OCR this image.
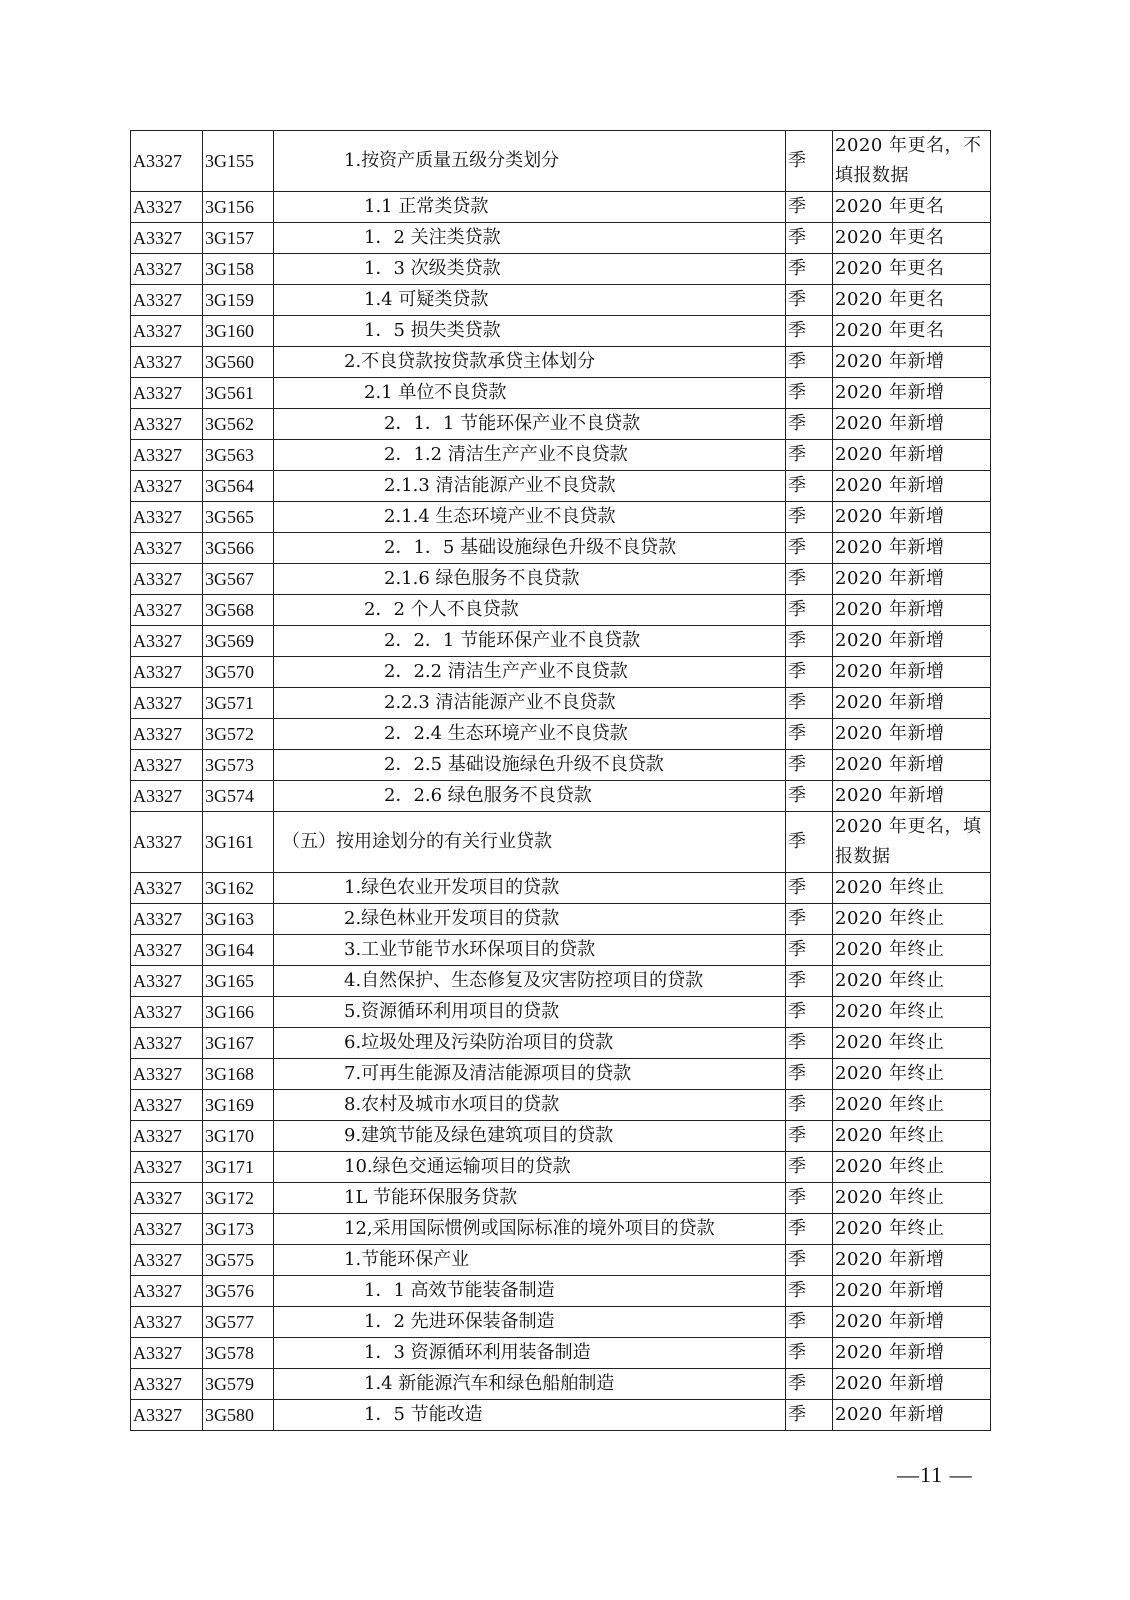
A3327	3G155	1.按资产质量五级分类划分	季	2020 年更名，不填报数据
A3327	3G156	1.1 正常类贷款	季	2020 年更名
A3327	3G157	1．2 关注类贷款	季	2020 年更名
A3327	3G158	1．3 次级类贷款	季	2020 年更名
A3327	3G159	1.4 可疑类贷款	季	2020 年更名
A3327	3G160	1．5 损失类贷款	季	2020 年更名
A3327	3G560	2.不良贷款按贷款承贷主体划分	季	2020 年新增
A3327	3G561	2.1 单位不良贷款	季	2020 年新增
A3327	3G562	2．1．1 节能环保产业不良贷款	季	2020 年新增
A3327	3G563	2．1.2 清洁生产产业不良贷款	季	2020 年新增
A3327	3G564	2.1.3 清洁能源产业不良贷款	季	2020 年新增
A3327	3G565	2.1.4 生态环境产业不良贷款	季	2020 年新增
A3327	3G566	2．1．5 基础设施绿色升级不良贷款	季	2020 年新增
A3327	3G567	2.1.6 绿色服务不良贷款	季	2020 年新增
A3327	3G568	2．2 个人不良贷款	季	2020 年新增
A3327	3G569	2．2．1 节能环保产业不良贷款	季	2020 年新增
A3327	3G570	2．2.2 清洁生产产业不良贷款	季	2020 年新增
A3327	3G571	2.2.3 清洁能源产业不良贷款	季	2020 年新增
A3327	3G572	2．2.4 生态环境产业不良贷款	季	2020 年新增
A3327	3G573	2．2.5 基础设施绿色升级不良贷款	季	2020 年新增
A3327	3G574	2．2.6 绿色服务不良贷款	季	2020 年新增
A3327	3G161	（五）按用途划分的有关行业贷款	季	2020 年更名，填报数据
A3327	3G162	1.绿色农业开发项目的贷款	季	2020 年终止
A3327	3G163	2.绿色林业开发项目的贷款	季	2020 年终止
A3327	3G164	3.工业节能节水环保项目的贷款	季	2020 年终止
A3327	3G165	4.自然保护、生态修复及灾害防控项目的贷款	季	2020 年终止
A3327	3G166	5.资源循环利用项目的贷款	季	2020 年终止
A3327	3G167	6.垃圾处理及污染防治项目的贷款	季	2020 年终止
A3327	3G168	7.可再生能源及清洁能源项目的贷款	季	2020 年终止
A3327	3G169	8.农村及城市水项目的贷款	季	2020 年终止
A3327	3G170	9.建筑节能及绿色建筑项目的贷款	季	2020 年终止
A3327	3G171	10.绿色交通运输项目的贷款	季	2020 年终止
A3327	3G172	1L 节能环保服务贷款	季	2020 年终止
A3327	3G173	12,采用国际惯例或国际标准的境外项目的贷款	季	2020 年终止
A3327	3G575	1.节能环保产业	季	2020 年新增
A3327	3G576	1．1 高效节能装备制造	季	2020 年新增
A3327	3G577	1．2 先进环保装备制造	季	2020 年新增
A3327	3G578	1．3 资源循环利用装备制造	季	2020 年新增
A3327	3G579	1.4 新能源汽车和绿色船舶制造	季	2020 年新增
A3327	3G580	1．5 节能改造	季	2020 年新增
—11 —
